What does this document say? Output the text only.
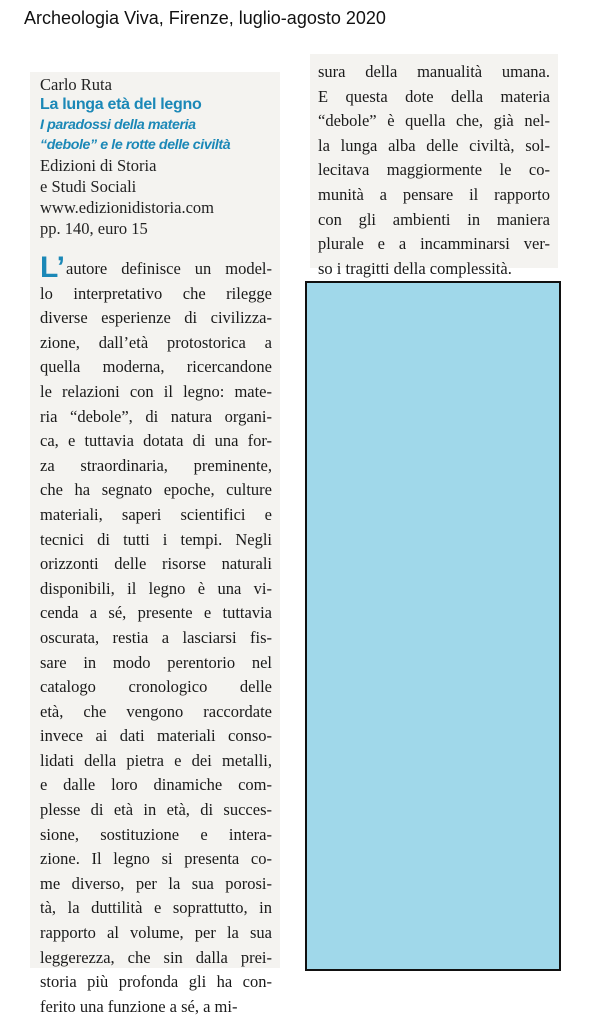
Archeologia Viva, Firenze, luglio-agosto 2020
Carlo Ruta
La lunga età del legno
I paradossi della materia
“debole” e le rotte delle civiltà
Edizioni di Storia
e Studi Sociali
www.edizionidistoria.com
pp. 140, euro 15
L’autore definisce un model-
lo interpretativo che rilegge
diverse esperienze di civilizza-
zione, dall’età protostorica a
quella moderna, ricercandone
le relazioni con il legno: mate-
ria “debole”, di natura organi-
ca, e tuttavia dotata di una for-
za straordinaria, preminente,
che ha segnato epoche, culture
materiali, saperi scientifici e
tecnici di tutti i tempi. Negli
orizzonti delle risorse naturali
disponibili, il legno è una vi-
cenda a sé, presente e tuttavia
oscurata, restia a lasciarsi fis-
sare in modo perentorio nel
catalogo cronologico delle
età, che vengono raccordate
invece ai dati materiali conso-
lidati della pietra e dei metalli,
e dalle loro dinamiche com-
plesse di età in età, di succes-
sione, sostituzione e intera-
zione. Il legno si presenta co-
me diverso, per la sua porosi-
tà, la duttilità e soprattutto, in
rapporto al volume, per la sua
leggerezza, che sin dalla prei-
storia più profonda gli ha con-
ferito una funzione a sé, a mi-
sura della manualità umana.
E questa dote della materia
“debole” è quella che, già nel-
la lunga alba delle civiltà, sol-
lecitava maggiormente le co-
munità a pensare il rapporto
con gli ambienti in maniera
plurale e a incamminarsi ver-
so i tragitti della complessità.
